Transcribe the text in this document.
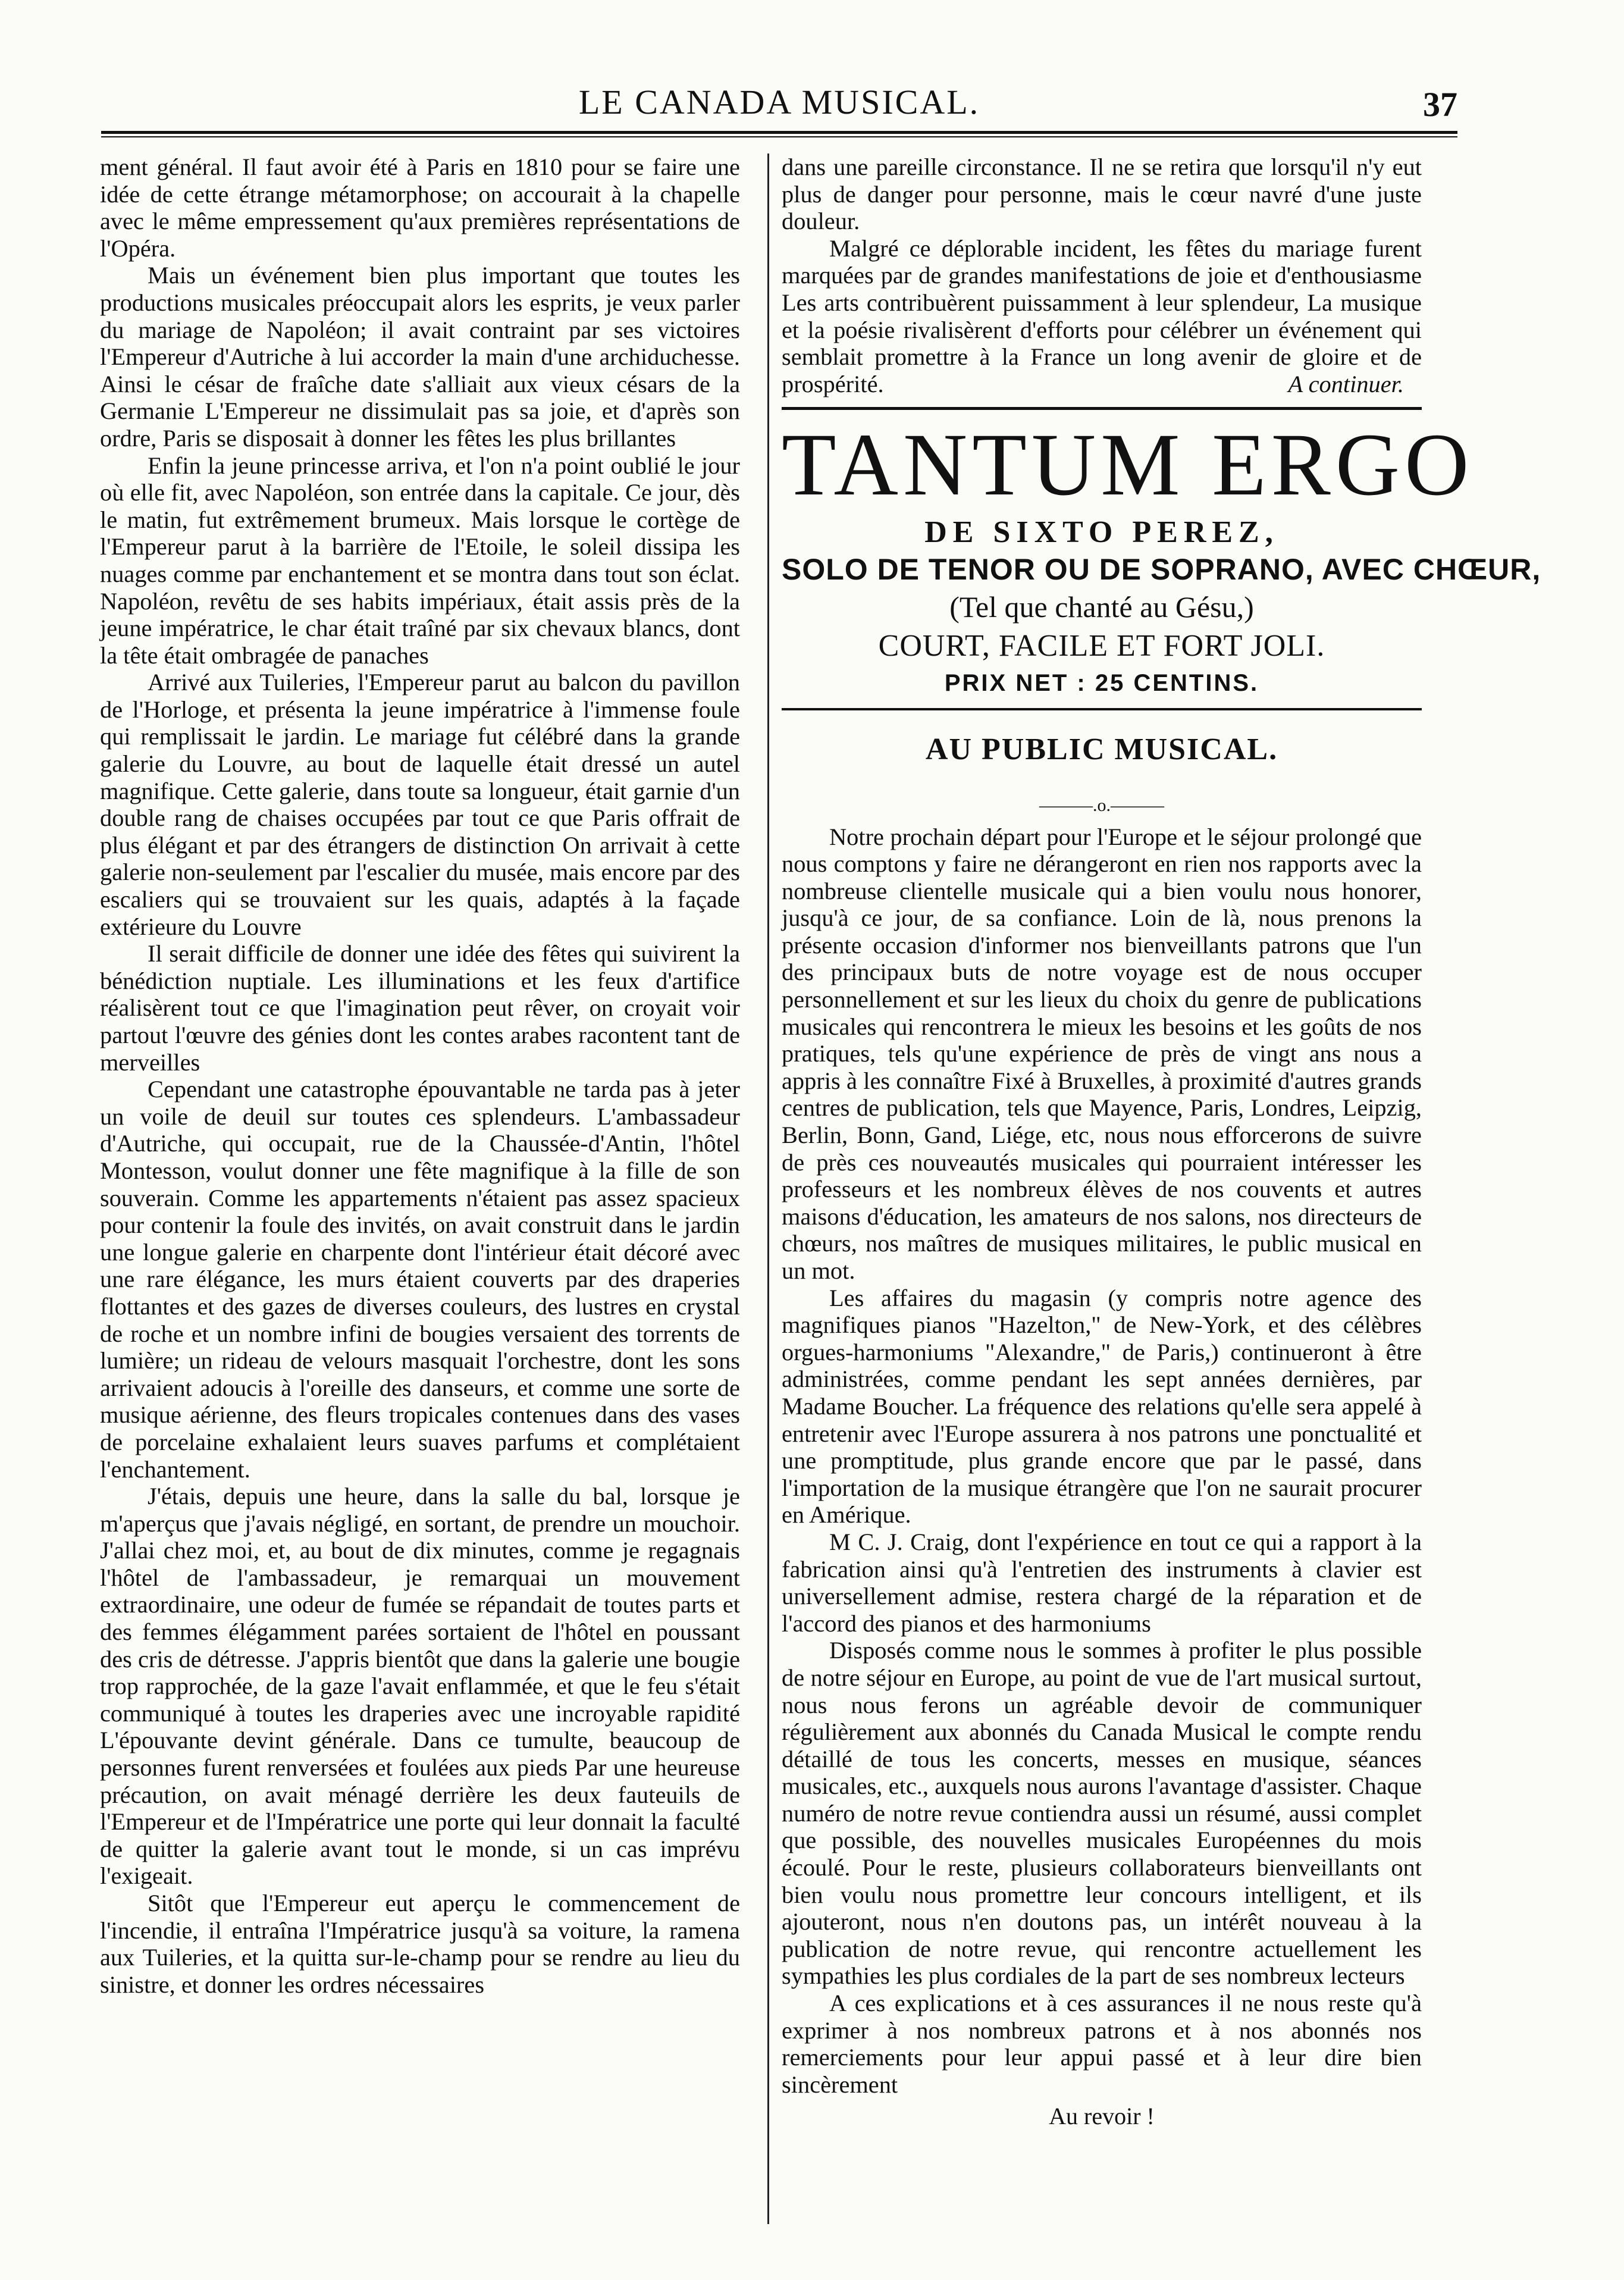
LE CANADA MUSICAL.	37

ment général. Il faut avoir été à Paris en 1810 pour se faire une idée de cette étrange métamorphose; on accourait à la chapelle avec le même empressement qu'aux premières représentations de l'Opéra.

Mais un événement bien plus important que toutes les productions musicales préoccupait alors les esprits, je veux parler du mariage de Napoléon; il avait contraint par ses victoires l'Empereur d'Autriche à lui accorder la main d'une archiduchesse. Ainsi le césar de fraîche date s'alliait aux vieux césars de la Germanie L'Empereur ne dissimulait pas sa joie, et d'après son ordre, Paris se disposait à donner les fêtes les plus brillantes

Enfin la jeune princesse arriva, et l'on n'a point oublié le jour où elle fit, avec Napoléon, son entrée dans la capitale. Ce jour, dès le matin, fut extrêmement brumeux. Mais lorsque le cortège de l'Empereur parut à la barrière de l'Etoile, le soleil dissipa les nuages comme par enchantement et se montra dans tout son éclat. Napoléon, revêtu de ses habits impériaux, était assis près de la jeune impératrice, le char était traîné par six chevaux blancs, dont la tête était ombragée de panaches

Arrivé aux Tuileries, l'Empereur parut au balcon du pavillon de l'Horloge, et présenta la jeune impératrice à l'immense foule qui remplissait le jardin. Le mariage fut célébré dans la grande galerie du Louvre, au bout de laquelle était dressé un autel magnifique. Cette galerie, dans toute sa longueur, était garnie d'un double rang de chaises occupées par tout ce que Paris offrait de plus élégant et par des étrangers de distinction On arrivait à cette galerie non-seulement par l'escalier du musée, mais encore par des escaliers qui se trouvaient sur les quais, adaptés à la façade extérieure du Louvre

Il serait difficile de donner une idée des fêtes qui suivirent la bénédiction nuptiale. Les illuminations et les feux d'artifice réalisèrent tout ce que l'imagination peut rêver, on croyait voir partout l'œuvre des génies dont les contes arabes racontent tant de merveilles

Cependant une catastrophe épouvantable ne tarda pas à jeter un voile de deuil sur toutes ces splendeurs. L'ambassadeur d'Autriche, qui occupait, rue de la Chaussée-d'Antin, l'hôtel Montesson, voulut donner une fête magnifique à la fille de son souverain. Comme les appartements n'étaient pas assez spacieux pour contenir la foule des invités, on avait construit dans le jardin une longue galerie en charpente dont l'intérieur était décoré avec une rare élégance, les murs étaient couverts par des draperies flottantes et des gazes de diverses couleurs, des lustres en crystal de roche et un nombre infini de bougies versaient des torrents de lumière; un rideau de velours masquait l'orchestre, dont les sons arrivaient adoucis à l'oreille des danseurs, et comme une sorte de musique aérienne, des fleurs tropicales contenues dans des vases de porcelaine exhalaient leurs suaves parfums et complétaient l'enchantement.

J'étais, depuis une heure, dans la salle du bal, lorsque je m'aperçus que j'avais négligé, en sortant, de prendre un mouchoir. J'allai chez moi, et, au bout de dix minutes, comme je regagnais l'hôtel de l'ambassadeur, je remarquai un mouvement extraordinaire, une odeur de fumée se répandait de toutes parts et des femmes élégamment parées sortaient de l'hôtel en poussant des cris de détresse. J'appris bientôt que dans la galerie une bougie trop rapprochée, de la gaze l'avait enflammée, et que le feu s'était communiqué à toutes les draperies avec une incroyable rapidité L'épouvante devint générale. Dans ce tumulte, beaucoup de personnes furent renversées et foulées aux pieds Par une heureuse précaution, on avait ménagé derrière les deux fauteuils de l'Empereur et de l'Impératrice une porte qui leur donnait la faculté de quitter la galerie avant tout le monde, si un cas imprévu l'exigeait.

Sitôt que l'Empereur eut aperçu le commencement de l'incendie, il entraîna l'Impératrice jusqu'à sa voiture, la ramena aux Tuileries, et la quitta sur-le-champ pour se rendre au lieu du sinistre, et donner les ordres nécessaires

dans une pareille circonstance. Il ne se retira que lorsqu'il n'y eut plus de danger pour personne, mais le cœur navré d'une juste douleur.

Malgré ce déplorable incident, les fêtes du mariage furent marquées par de grandes manifestations de joie et d'enthousiasme Les arts contribuèrent puissamment à leur splendeur, La musique et la poésie rivalisèrent d'efforts pour célébrer un événement qui semblait promettre à la France un long avenir de gloire et de prospérité.	A continuer.

TANTUM ERGO
DE SIXTO PEREZ,
SOLO DE TENOR OU DE SOPRANO, AVEC CHŒUR,
(Tel que chanté au Gésu,)
COURT, FACILE ET FORT JOLI.
PRIX NET : 25 CENTINS.
AU PUBLIC MUSICAL.
———.o.———

Notre prochain départ pour l'Europe et le séjour prolongé que nous comptons y faire ne dérangeront en rien nos rapports avec la nombreuse clientelle musicale qui a bien voulu nous honorer, jusqu'à ce jour, de sa confiance. Loin de là, nous prenons la présente occasion d'informer nos bienveillants patrons que l'un des principaux buts de notre voyage est de nous occuper personnellement et sur les lieux du choix du genre de publications musicales qui rencontrera le mieux les besoins et les goûts de nos pratiques, tels qu'une expérience de près de vingt ans nous a appris à les connaître Fixé à Bruxelles, à proximité d'autres grands centres de publication, tels que Mayence, Paris, Londres, Leipzig, Berlin, Bonn, Gand, Liége, etc, nous nous efforcerons de suivre de près ces nouveautés musicales qui pourraient intéresser les professeurs et les nombreux élèves de nos couvents et autres maisons d'éducation, les amateurs de nos salons, nos directeurs de chœurs, nos maîtres de musiques militaires, le public musical en un mot.

Les affaires du magasin (y compris notre agence des magnifiques pianos "Hazelton," de New-York, et des célèbres orgues-harmoniums "Alexandre," de Paris,) continueront à être administrées, comme pendant les sept années dernières, par Madame Boucher. La fréquence des relations qu'elle sera appelé à entretenir avec l'Europe assurera à nos patrons une ponctualité et une promptitude, plus grande encore que par le passé, dans l'importation de la musique étrangère que l'on ne saurait procurer en Amérique.

M C. J. Craig, dont l'expérience en tout ce qui a rapport à la fabrication ainsi qu'à l'entretien des instruments à clavier est universellement admise, restera chargé de la réparation et de l'accord des pianos et des harmoniums

Disposés comme nous le sommes à profiter le plus possible de notre séjour en Europe, au point de vue de l'art musical surtout, nous nous ferons un agréable devoir de communiquer régulièrement aux abonnés du Canada Musical le compte rendu détaillé de tous les concerts, messes en musique, séances musicales, etc., auxquels nous aurons l'avantage d'assister. Chaque numéro de notre revue contiendra aussi un résumé, aussi complet que possible, des nouvelles musicales Européennes du mois écoulé. Pour le reste, plusieurs collaborateurs bienveillants ont bien voulu nous promettre leur concours intelligent, et ils ajouteront, nous n'en doutons pas, un intérêt nouveau à la publication de notre revue, qui rencontre actuellement les sympathies les plus cordiales de la part de ses nombreux lecteurs

A ces explications et à ces assurances il ne nous reste qu'à exprimer à nos nombreux patrons et à nos abonnés nos remerciements pour leur appui passé et à leur dire bien sincèrement

Au revoir !
